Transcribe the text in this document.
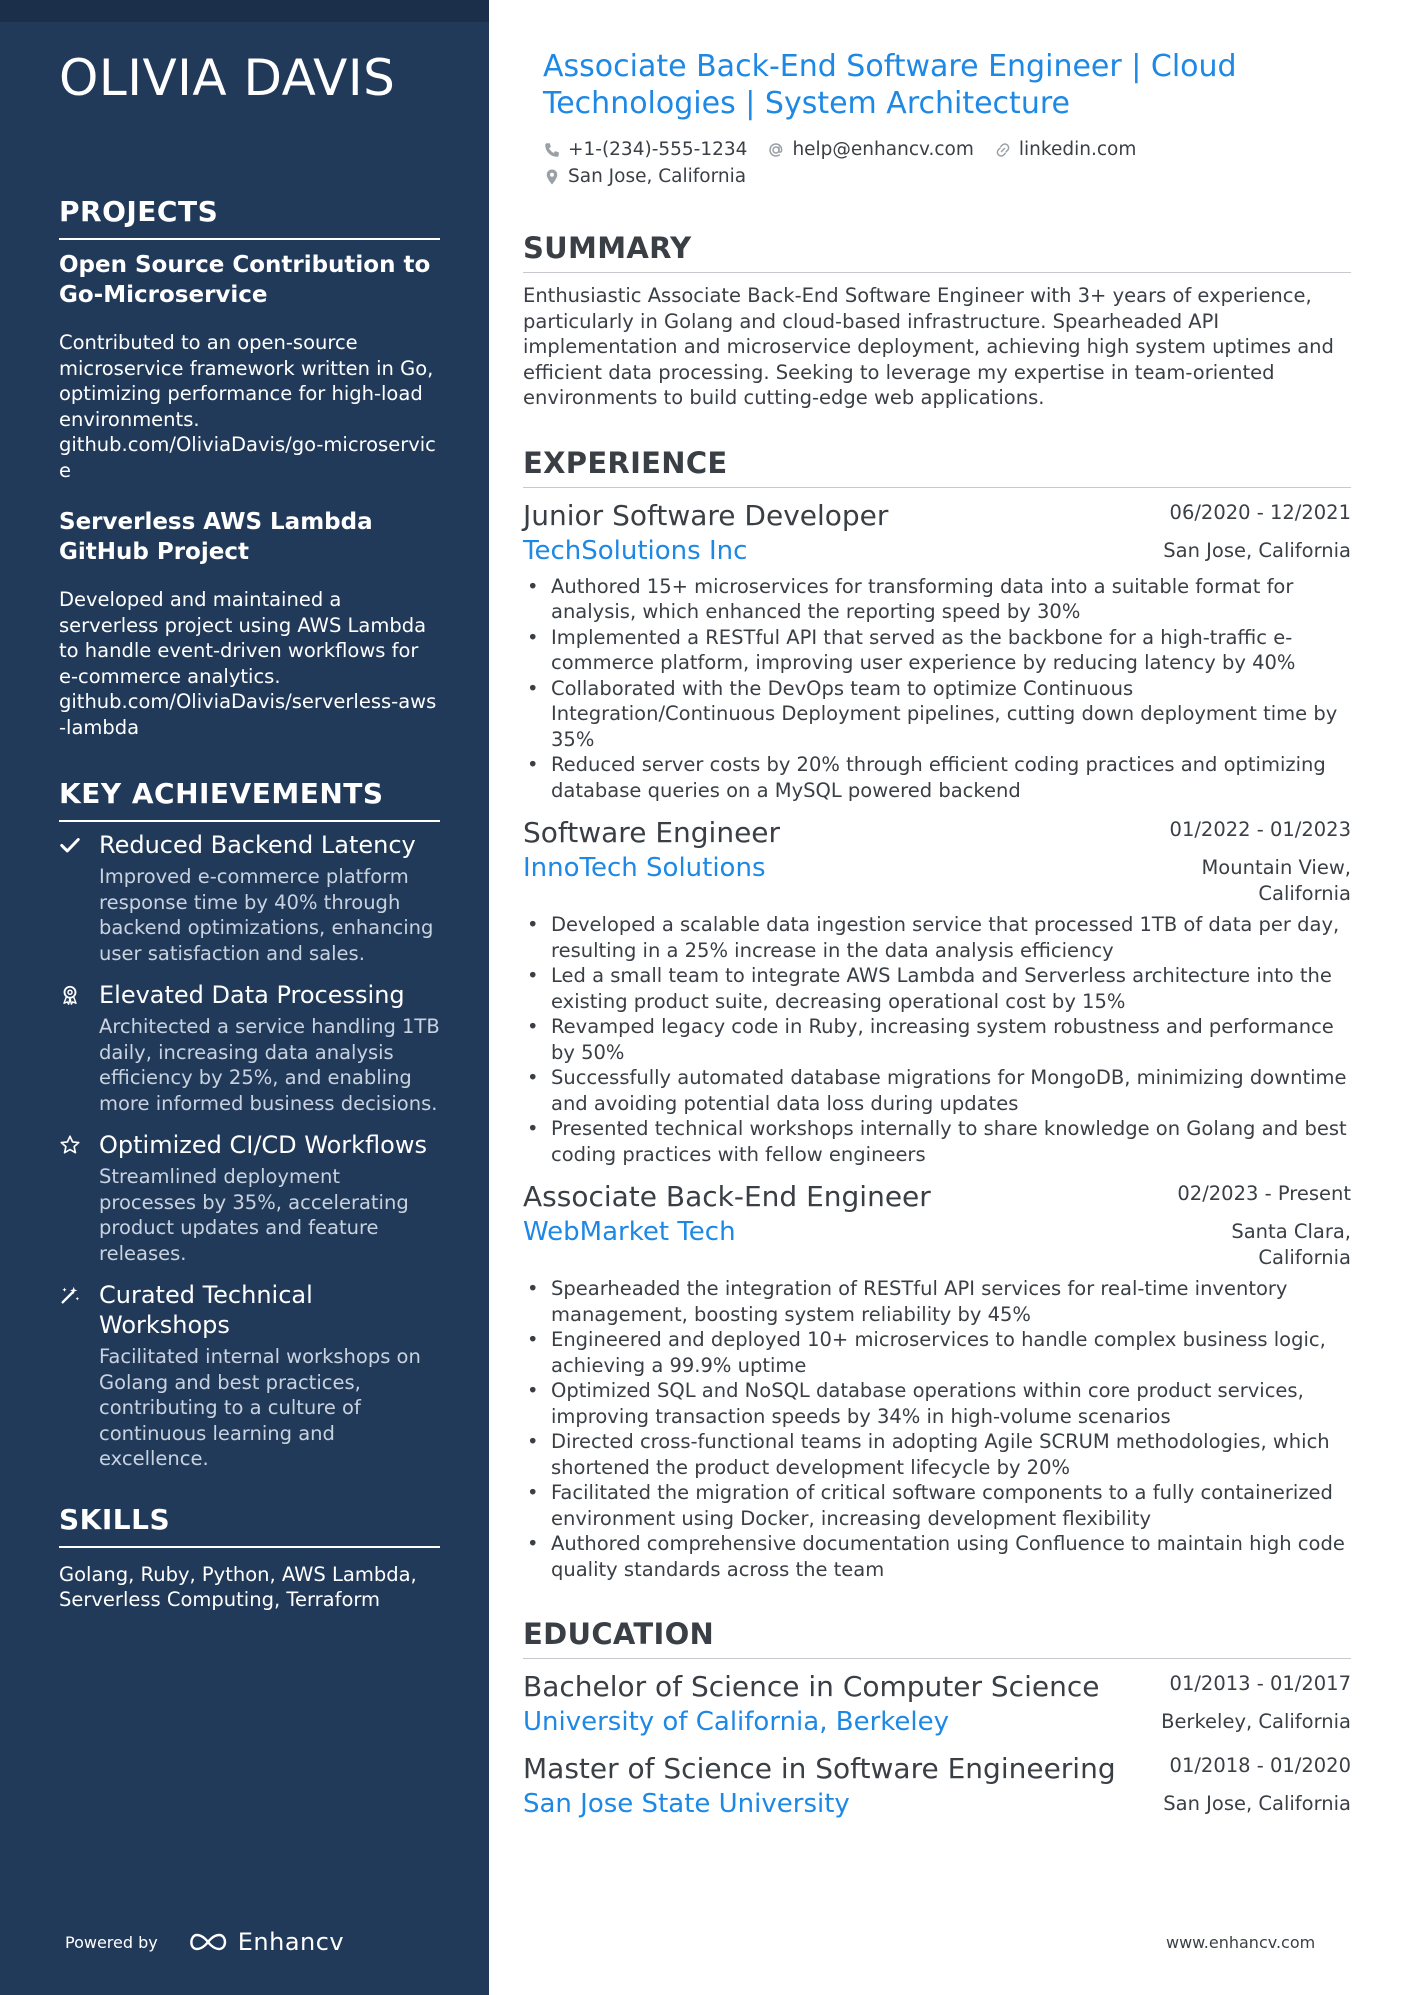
OLIVIA DAVIS
PROJECTS
Open Source Contribution to Go-Microservice
Contributed to an open-source microservice framework written in Go, optimizing performance for high-load environments.
github.com/OliviaDavis/go-microservice
Serverless AWS Lambda GitHub Project
Developed and maintained a serverless project using AWS Lambda to handle event-driven workflows for e-commerce analytics.
github.com/OliviaDavis/serverless-aws-lambda
KEY ACHIEVEMENTS
Reduced Backend Latency
Improved e-commerce platform response time by 40% through backend optimizations, enhancing user satisfaction and sales.
Elevated Data Processing
Architected a service handling 1TB daily, increasing data analysis efficiency by 25%, and enabling more informed business decisions.
Optimized CI/CD Workflows
Streamlined deployment processes by 35%, accelerating product updates and feature releases.
Curated Technical Workshops
Facilitated internal workshops on Golang and best practices, contributing to a culture of continuous learning and excellence.
SKILLS
Golang, Ruby, Python, AWS Lambda, Serverless Computing, Terraform
Powered by	Enhancv
Associate Back-End Software Engineer | Cloud Technologies | System Architecture
+1-(234)-555-1234 help@enhancv.com linkedin.com
San Jose, California
SUMMARY

Enthusiastic Associate Back-End Software Engineer with 3+ years of experience, particularly in Golang and cloud-based infrastructure. Spearheaded API implementation and microservice deployment, achieving high system uptimes and efficient data processing. Seeking to leverage my expertise in team-oriented environments to build cutting-edge web applications.

EXPERIENCE
Junior Software Developer	06/2020 - 12/2021
TechSolutions Inc	San Jose, California
• Authored 15+ microservices for transforming data into a suitable format for analysis, which enhanced the reporting speed by 30%
• Implemented a RESTful API that served as the backbone for a high-traffic e-commerce platform, improving user experience by reducing latency by 40%
• Collaborated with the DevOps team to optimize Continuous Integration/Continuous Deployment pipelines, cutting down deployment time by 35%
• Reduced server costs by 20% through efficient coding practices and optimizing database queries on a MySQL powered backend
Software Engineer	01/2022 - 01/2023
InnoTech Solutions	Mountain View, California
• Developed a scalable data ingestion service that processed 1TB of data per day, resulting in a 25% increase in the data analysis efficiency
• Led a small team to integrate AWS Lambda and Serverless architecture into the existing product suite, decreasing operational cost by 15%
• Revamped legacy code in Ruby, increasing system robustness and performance by 50%
• Successfully automated database migrations for MongoDB, minimizing downtime and avoiding potential data loss during updates
• Presented technical workshops internally to share knowledge on Golang and best coding practices with fellow engineers
Associate Back-End Engineer	02/2023 - Present
WebMarket Tech	Santa Clara, California
• Spearheaded the integration of RESTful API services for real-time inventory management, boosting system reliability by 45%
• Engineered and deployed 10+ microservices to handle complex business logic, achieving a 99.9% uptime
• Optimized SQL and NoSQL database operations within core product services, improving transaction speeds by 34% in high-volume scenarios
• Directed cross-functional teams in adopting Agile SCRUM methodologies, which shortened the product development lifecycle by 20%
• Facilitated the migration of critical software components to a fully containerized environment using Docker, increasing development flexibility
• Authored comprehensive documentation using Confluence to maintain high code quality standards across the team
EDUCATION
Bachelor of Science in Computer Science	01/2013 - 01/2017
University of California, Berkeley	Berkeley, California
Master of Science in Software Engineering	01/2018 - 01/2020
San Jose State University	San Jose, California
www.enhancv.com
